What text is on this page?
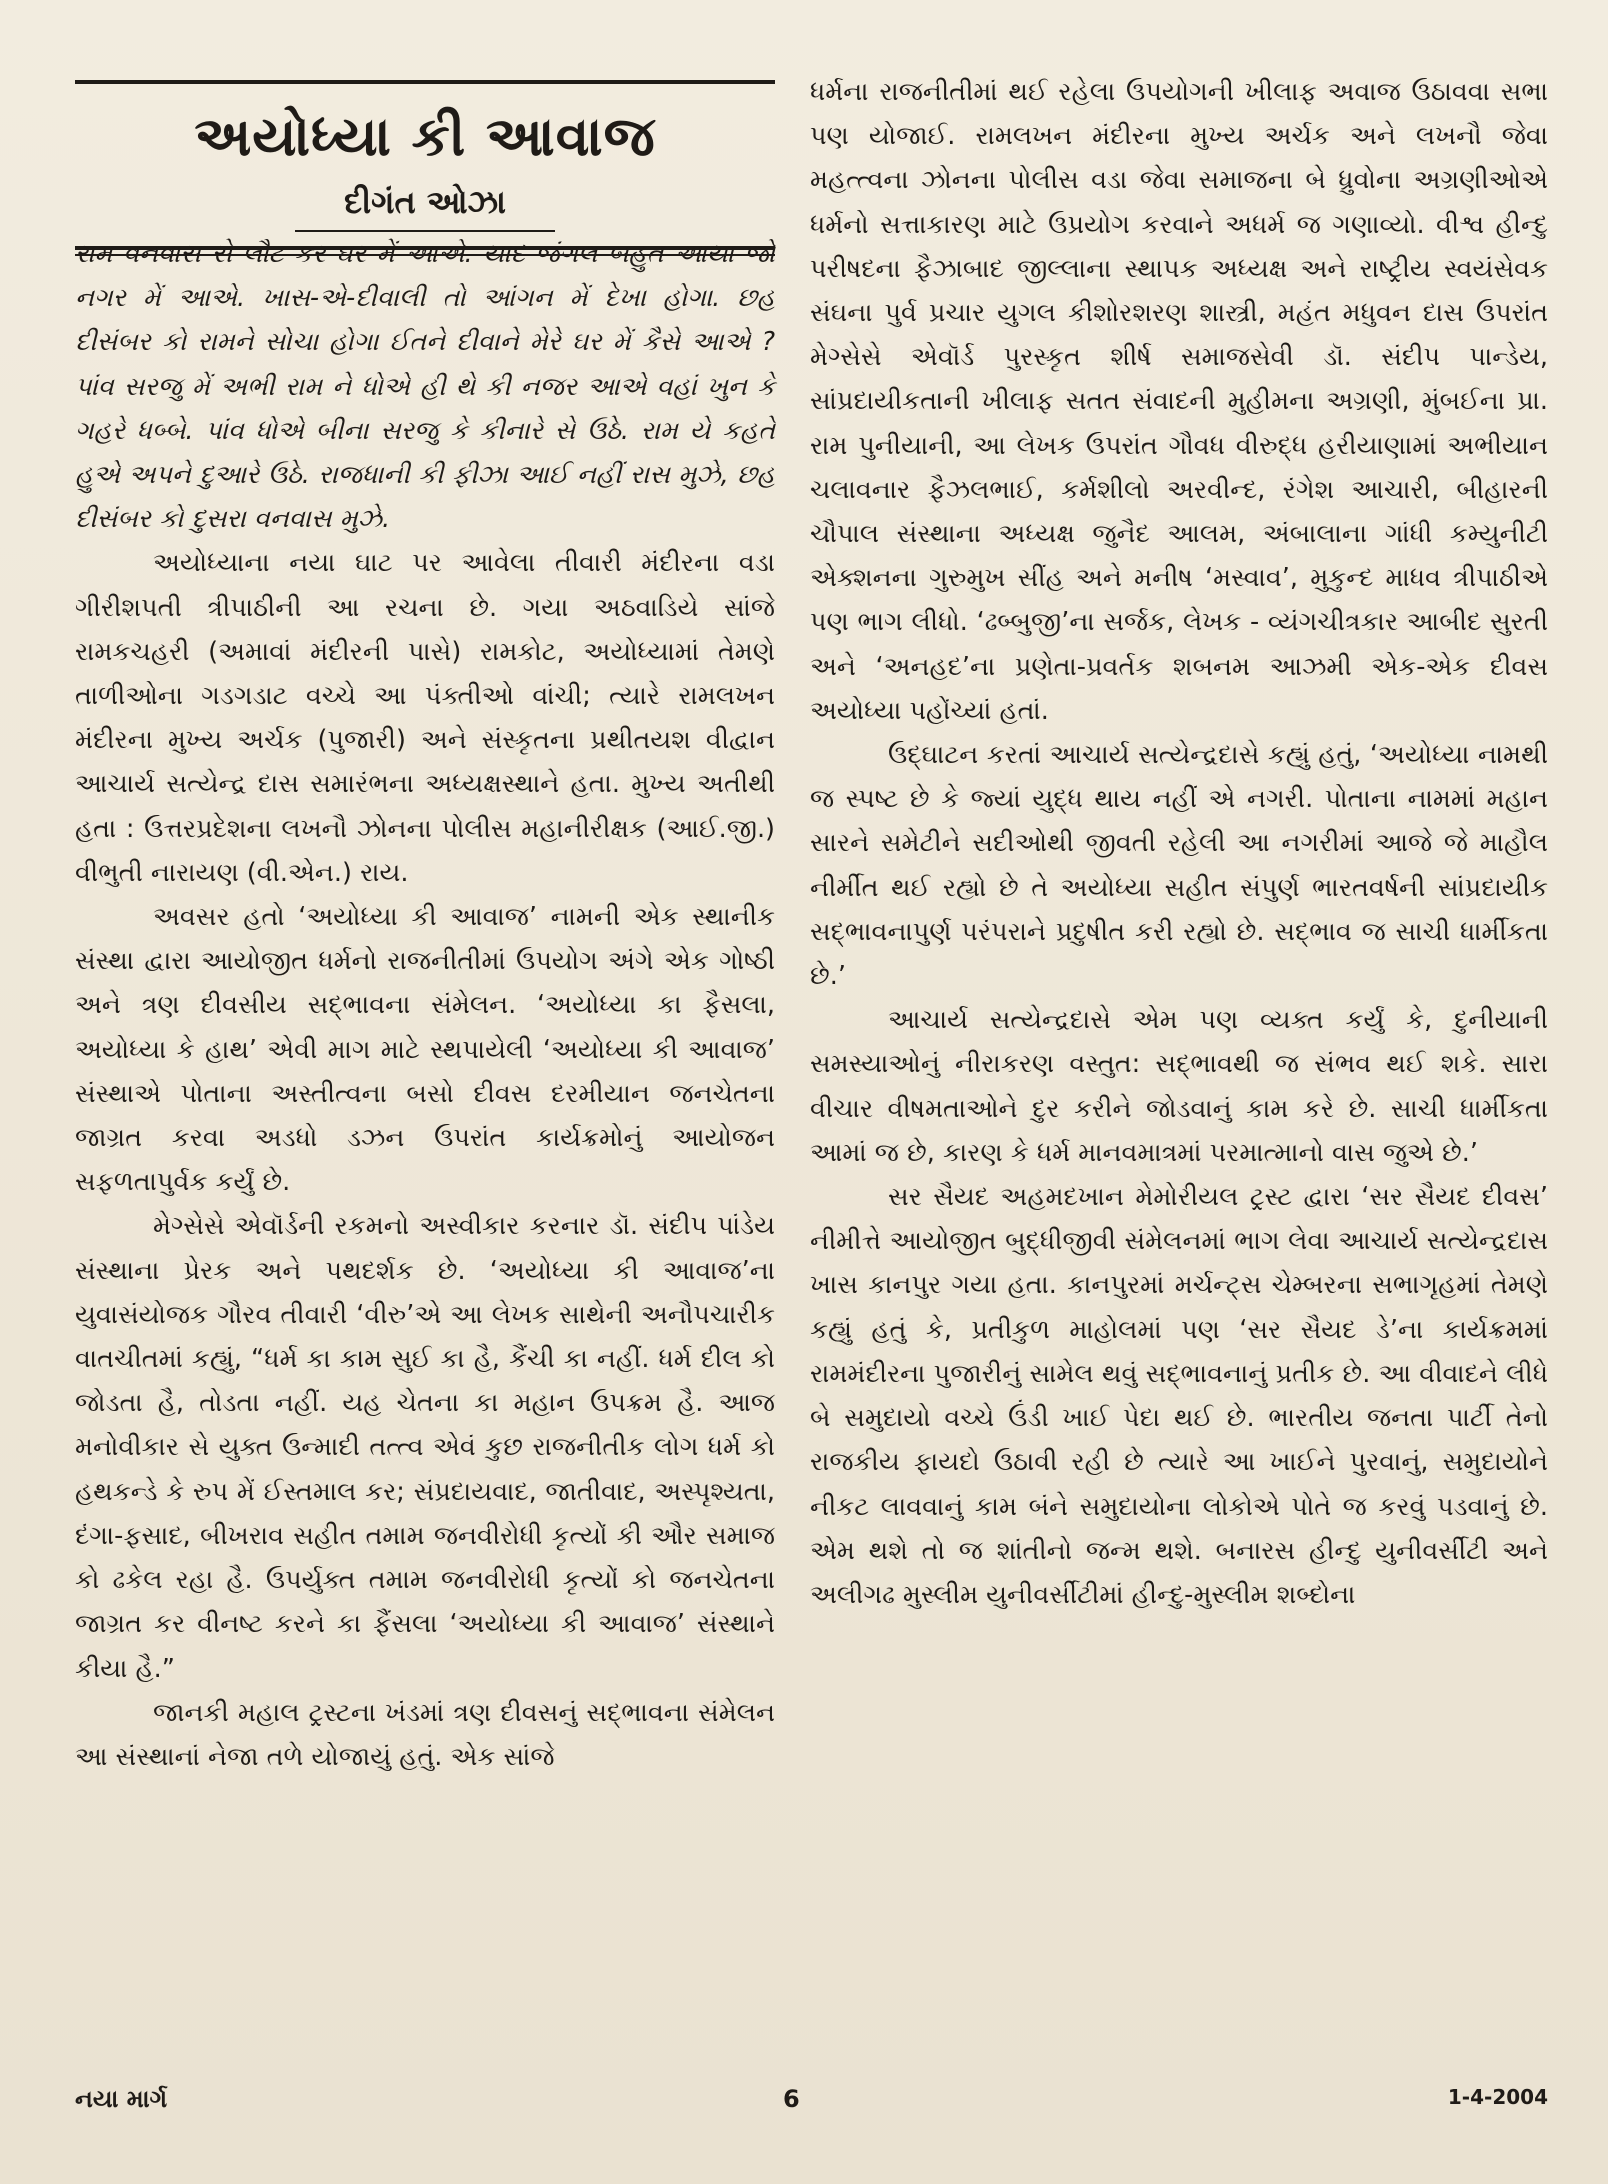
અયોધ્યા કી આવાજ
દીગંત ઓઝા

રામ વનવાસ સે લૌટ કર ઘર મેં આએ. યાદ જંગલ બહુત આયા જો નગર મેં આએ. ખાસ-એ-દીવાલી તો આંગન મેં દેખા હોગા. છહ દીસંબર કો રામને સોચા હોગા ઈતને દીવાને મેરે ઘર મેં કૈસે આએ ? પાંવ સરજુ મેં અભી રામ ને ધોએ હી થે કી નજર આએ વહાં ખુન કે ગહરે ધબ્બે. પાંવ ધોએ બીના સરજુ કે કીનારે સે ઉઠે. રામ યે કહતે હુએ અપને દુઆરે ઉઠે. રાજધાની કી ફીઝા આઈ નહીં રાસ મુઝે, છહ દીસંબર કો દુસરા વનવાસ મુઝે.

અયોધ્યાના નયા ઘાટ પર આવેલા તીવારી મંદીરના વડા ગીરીશપતી ત્રીપાઠીની આ રચના છે. ગયા અઠવાડિયે સાંજે રામકચહરી (અમાવાં મંદીરની પાસે) રામકોટ, અયોધ્યામાં તેમણે તાળીઓના ગડગડાટ વચ્ચે આ પંક્તીઓ વાંચી; ત્યારે રામલખન મંદીરના મુખ્ય અર્ચક (પુજારી) અને સંસ્કૃતના પ્રથીતયશ વીદ્વાન આચાર્ય સત્યેન્દ્ર દાસ સમારંભના અધ્યક્ષસ્થાને હતા. મુખ્ય અતીથી હતા : ઉત્તરપ્રદેશના લખનૌ ઝોનના પોલીસ મહાનીરીક્ષક (આઈ.જી.) વીભુતી નારાયણ (વી.એન.) રાય.

અવસર હતો ‘અયોધ્યા કી આવાજ’ નામની એક સ્થાનીક સંસ્થા દ્વારા આયોજીત ધર્મનો રાજનીતીમાં ઉપયોગ અંગે એક ગોષ્ઠી અને ત્રણ દીવસીય સદ્ભાવના સંમેલન. ‘અયોધ્યા કા ફૈસલા, અયોધ્યા કે હાથ’ એવી માગ માટે સ્થપાયેલી ‘અયોધ્યા કી આવાજ’ સંસ્થાએ પોતાના અસ્તીત્વના બસો દીવસ દરમીયાન જનચેતના જાગ્રત કરવા અડધો ડઝન ઉપરાંત કાર્યક્રમોનું આયોજન સફળતાપુર્વક કર્યું છે.

મેગ્સેસે એવૉર્ડની રકમનો અસ્વીકાર કરનાર ડૉ. સંદીપ પાંડેય સંસ્થાના પ્રેરક અને પથદર્શક છે. ‘અયોધ્યા કી આવાજ’ના યુવાસંયોજક ગૌરવ તીવારી ‘વીરુ’એ આ લેખક સાથેની અનૌપચારીક વાતચીતમાં કહ્યું, “ધર્મ કા કામ સુઈ કા હૈ, કૈંચી કા નહીં. ધર્મ દીલ કો જોડતા હૈ, તોડતા નહીં. યહ ચેતના કા મહાન ઉપક્રમ હૈ. આજ મનોવીકાર સે યુક્ત ઉન્માદી તત્ત્વ એવં કુછ રાજનીતીક લોગ ધર્મ કો હથકન્ડે કે રુપ મેં ઈસ્તમાલ કર; સંપ્રદાયવાદ, જાતીવાદ, અસ્પૃશ્યતા, દંગા-ફસાદ, બીખરાવ સહીત તમામ જનવીરોધી કૃત્યોં કી ઔર સમાજ કો ઢકેલ રહા હૈ. ઉપર્યુક્ત તમામ જનવીરોધી કૃત્યોં કો જનચેતના જાગ્રત કર વીનષ્ટ કરને કા ફૈંસલા ‘અયોધ્યા કી આવાજ’ સંસ્થાને કીયા હૈ.”

જાનકી મહાલ ટ્રસ્ટના ખંડમાં ત્રણ દીવસનું સદ્ભાવના સંમેલન આ સંસ્થાનાં નેજા તળે યોજાયું હતું. એક સાંજે

ધર્મના રાજનીતીમાં થઈ રહેલા ઉપયોગની ખીલાફ અવાજ ઉઠાવવા સભા પણ યોજાઈ. રામલખન મંદીરના મુખ્ય અર્ચક અને લખનૌ જેવા મહત્ત્વના ઝોનના પોલીસ વડા જેવા સમાજના બે ધ્રુવોના અગ્રણીઓએ ધર્મનો સત્તાકારણ માટે ઉપ્રયોગ કરવાને અધર્મ જ ગણાવ્યો. વીશ્વ હીન્દુ પરીષદના ફૈઝાબાદ જીલ્લાના સ્થાપક અધ્યક્ષ અને રાષ્ટ્રીય સ્વયંસેવક સંઘના પુર્વ પ્રચાર યુગલ કીશોરશરણ શાસ્ત્રી, મહંત મધુવન દાસ ઉપરાંત મેગ્સેસે એવૉર્ડ પુરસ્કૃત શીર્ષ સમાજસેવી ડૉ. સંદીપ પાન્ડેય, સાંપ્રદાયીકતાની ખીલાફ સતત સંવાદની મુહીમના અગ્રણી, મુંબઈના પ્રા. રામ પુનીયાની, આ લેખક ઉપરાંત ગૌવધ વીરુદ્ધ હરીયાણામાં અભીયાન ચલાવનાર ફૈઝલભાઈ, કર્મશીલો અરવીન્દ, રંગેશ આચારી, બીહારની ચૌપાલ સંસ્થાના અધ્યક્ષ જુનૈદ આલમ, અંબાલાના ગાંધી કમ્યુનીટી એક્શનના ગુરુમુખ સીંહ અને મનીષ ‘મસ્વાવ’, મુકુન્દ માધવ ત્રીપાઠીએ પણ ભાગ લીધો. ‘ઢબ્બુજી’ના સર્જક, લેખક - વ્યંગચીત્રકાર આબીદ સુરતી અને ‘અનહદ’ના પ્રણેતા-પ્રવર્તક શબનમ આઝમી એક-એક દીવસ અયોધ્યા પહોંચ્યાં હતાં.

ઉદ્ઘાટન કરતાં આચાર્ય સત્યેન્દ્રદાસે કહ્યું હતું, ‘અયોધ્યા નામથી જ સ્પષ્ટ છે કે જ્યાં યુદ્ધ થાય નહીં એ નગરી. પોતાના નામમાં મહાન સારને સમેટીને સદીઓથી જીવતી રહેલી આ નગરીમાં આજે જે માહૌલ નીર્મીત થઈ રહ્યો છે તે અયોધ્યા સહીત સંપુર્ણ ભારતવર્ષની સાંપ્રદાયીક સદ્ભાવનાપુર્ણ પરંપરાને પ્રદુષીત કરી રહ્યો છે. સદ્ભાવ જ સાચી ધાર્મીકતા છે.’

આચાર્ય સત્યેન્દ્રદાસે એમ પણ વ્યક્ત કર્યું કે, દુનીયાની સમસ્યાઓનું નીરાકરણ વસ્તુત: સદ્ભાવથી જ સંભવ થઈ શકે. સારા વીચાર વીષમતાઓને દુર કરીને જોડવાનું કામ કરે છે. સાચી ધાર્મીકતા આમાં જ છે, કારણ કે ધર્મ માનવમાત્રમાં પરમાત્માનો વાસ જુએ છે.’

સર સૈયદ અહમદખાન મેમોરીયલ ટ્રસ્ટ દ્વારા ‘સર સૈયદ દીવસ’ નીમીત્તે આયોજીત બુદ્ધીજીવી સંમેલનમાં ભાગ લેવા આચાર્ય સત્યેન્દ્રદાસ ખાસ કાનપુર ગયા હતા. કાનપુરમાં મર્ચન્ટ્સ ચેમ્બરના સભાગૃહમાં તેમણે કહ્યું હતું કે, પ્રતીકુળ માહોલમાં પણ ‘સર સૈયદ ડે’ના કાર્યક્રમમાં રામમંદીરના પુજારીનું સામેલ થવું સદ્ભાવનાનું પ્રતીક છે. આ વીવાદને લીધે બે સમુદાયો વચ્ચે ઉંડી ખાઈ પેદા થઈ છે. ભારતીય જનતા પાર્ટી તેનો રાજકીય ફાયદો ઉઠાવી રહી છે ત્યારે આ ખાઈને પુરવાનું, સમુદાયોને નીકટ લાવવાનું કામ બંને સમુદાયોના લોકોએ પોતે જ કરવું પડવાનું છે. એમ થશે તો જ શાંતીનો જન્મ થશે. બનારસ હીન્દુ યુનીવર્સીટી અને અલીગઢ મુસ્લીમ યુનીવર્સીટીમાં હીન્દુ-મુસ્લીમ શબ્દોના

નયા માર્ગ	6	1-4-2004
